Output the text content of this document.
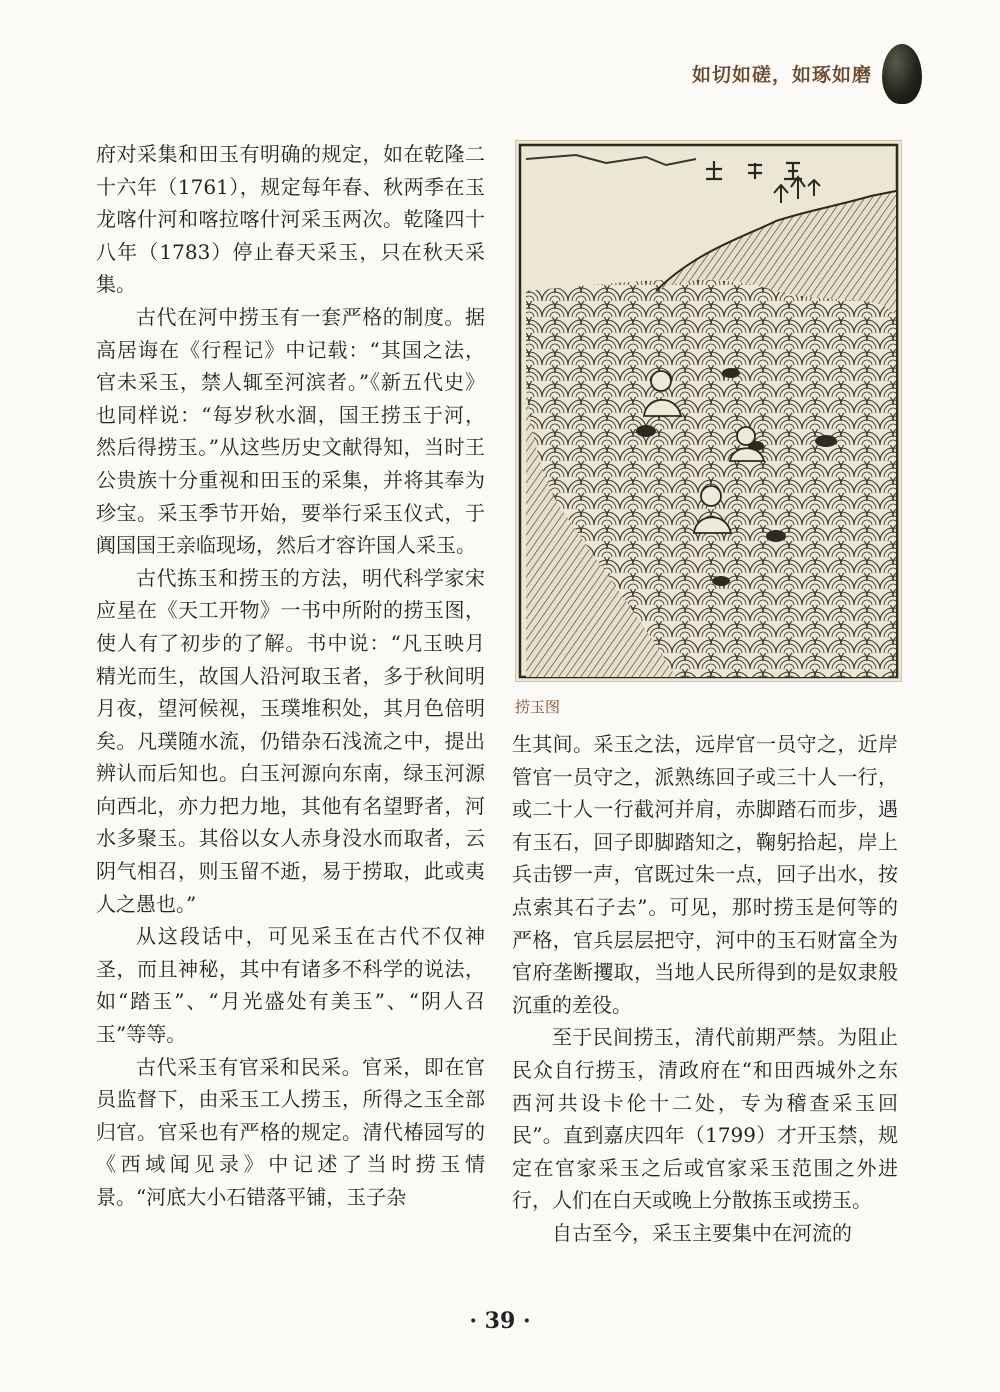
如切如磋，如琢如磨

府对采集和田玉有明确的规定，如在乾隆二十六年（1761），规定每年春、秋两季在玉龙喀什河和喀拉喀什河采玉两次。乾隆四十八年（1783）停止春天采玉，只在秋天采集。

古代在河中捞玉有一套严格的制度。据高居诲在《行程记》中记载：“其国之法，官未采玉，禁人辄至河滨者。”《新五代史》也同样说：“每岁秋水涸，国王捞玉于河，然后得捞玉。”从这些历史文献得知，当时王公贵族十分重视和田玉的采集，并将其奉为珍宝。采玉季节开始，要举行采玉仪式，于阗国国王亲临现场，然后才容许国人采玉。

古代拣玉和捞玉的方法，明代科学家宋应星在《天工开物》一书中所附的捞玉图，使人有了初步的了解。书中说：“凡玉映月精光而生，故国人沿河取玉者，多于秋间明月夜，望河候视，玉璞堆积处，其月色倍明矣。凡璞随水流，仍错杂石浅流之中，提出辨认而后知也。白玉河源向东南，绿玉河源向西北，亦力把力地，其他有名望野者，河水多聚玉。其俗以女人赤身没水而取者，云阴气相召，则玉留不逝，易于捞取，此或夷人之愚也。”

从这段话中，可见采玉在古代不仅神圣，而且神秘，其中有诸多不科学的说法，如“踏玉”、“月光盛处有美玉”、“阴人召玉”等等。

古代采玉有官采和民采。官采，即在官员监督下，由采玉工人捞玉，所得之玉全部归官。官采也有严格的规定。清代椿园写的《西域闻见录》中记述了当时捞玉情景。“河底大小石错落平铺，玉子杂

捞玉图

生其间。采玉之法，远岸官一员守之，近岸管官一员守之，派熟练回子或三十人一行，或二十人一行截河并肩，赤脚踏石而步，遇有玉石，回子即脚踏知之，鞠躬拾起，岸上兵击锣一声，官既过朱一点，回子出水，按点索其石子去”。可见，那时捞玉是何等的严格，官兵层层把守，河中的玉石财富全为官府垄断攫取，当地人民所得到的是奴隶般沉重的差役。

至于民间捞玉，清代前期严禁。为阻止民众自行捞玉，清政府在“和田西城外之东西河共设卡伦十二处，专为稽查采玉回民”。直到嘉庆四年（1799）才开玉禁，规定在官家采玉之后或官家采玉范围之外进行，人们在白天或晚上分散拣玉或捞玉。

自古至今，采玉主要集中在河流的

· 39 ·
